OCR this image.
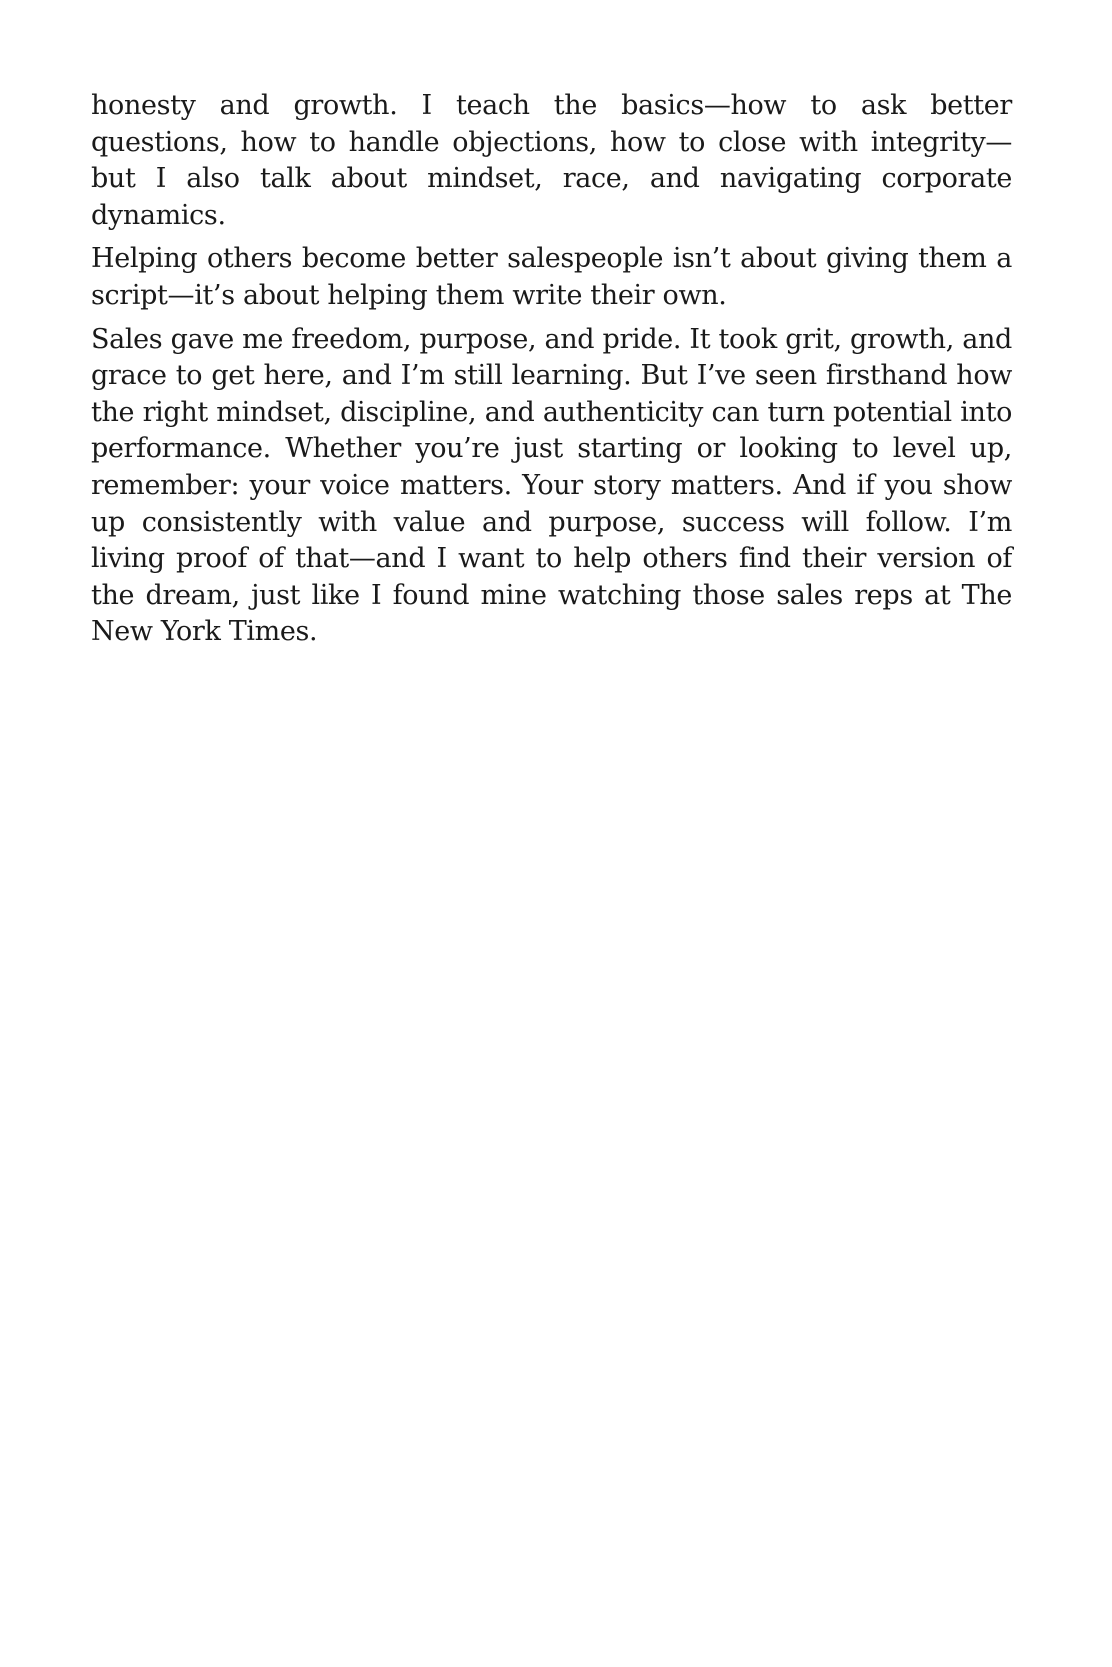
honesty and growth. I teach the basics—how to ask better questions, how to handle objections, how to close with integrity—but I also talk about mindset, race, and navigating corporate dynamics.

Helping others become better salespeople isn’t about giving them a script—it’s about helping them write their own.

Sales gave me freedom, purpose, and pride. It took grit, growth, and grace to get here, and I’m still learning. But I’ve seen firsthand how the right mindset, discipline, and authenticity can turn potential into performance. Whether you’re just starting or looking to level up, remember: your voice matters. Your story matters. And if you show up consistently with value and purpose, success will follow. I’m living proof of that—and I want to help others find their version of the dream, just like I found mine watching those sales reps at The New York Times.
